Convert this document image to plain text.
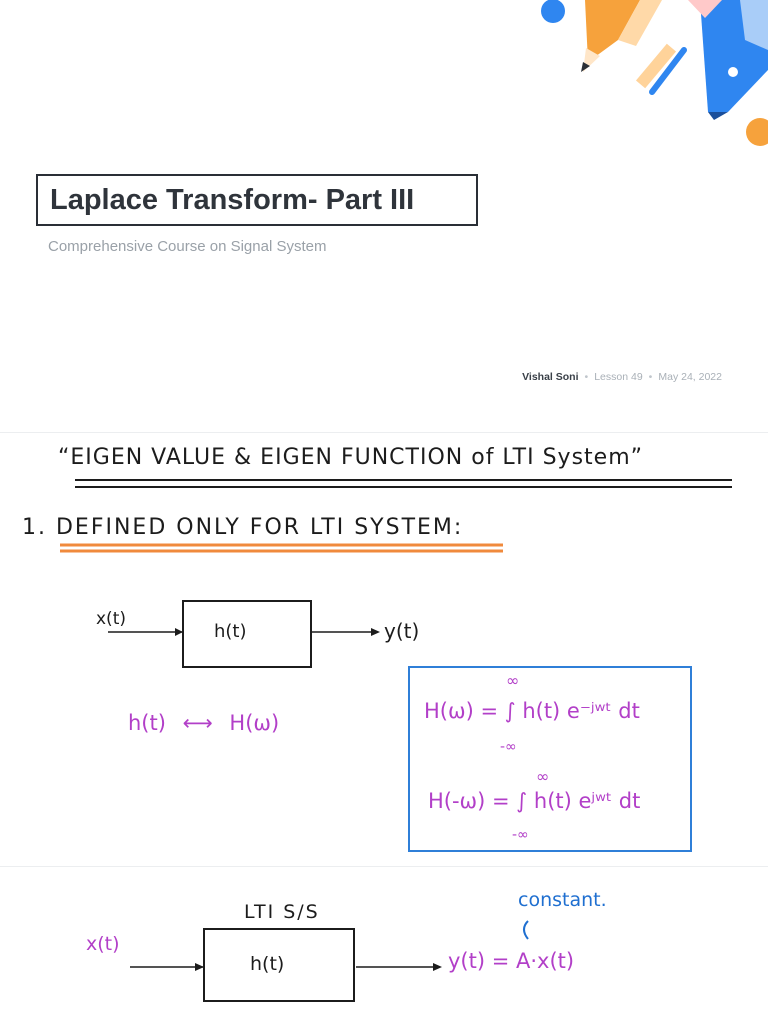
Laplace Transform- Part III
Comprehensive Course on Signal System
Vishal Soni • Lesson 49 • May 24, 2022
“EIGEN VALUE & EIGEN FUNCTION of LTI System”
1. DEFINED ONLY FOR LTI SYSTEM:
x(t)
h(t)	y(t)
h(t) ⟷ H(ω)
∞
H(ω) = ∫ h(t) e⁻ʲʷᵗ dt
-∞
∞
H(-ω) = ∫ h(t) eʲʷᵗ dt
-∞
LTI S/S
x(t)
h(t)	y(t) = A·x(t)
constant.
